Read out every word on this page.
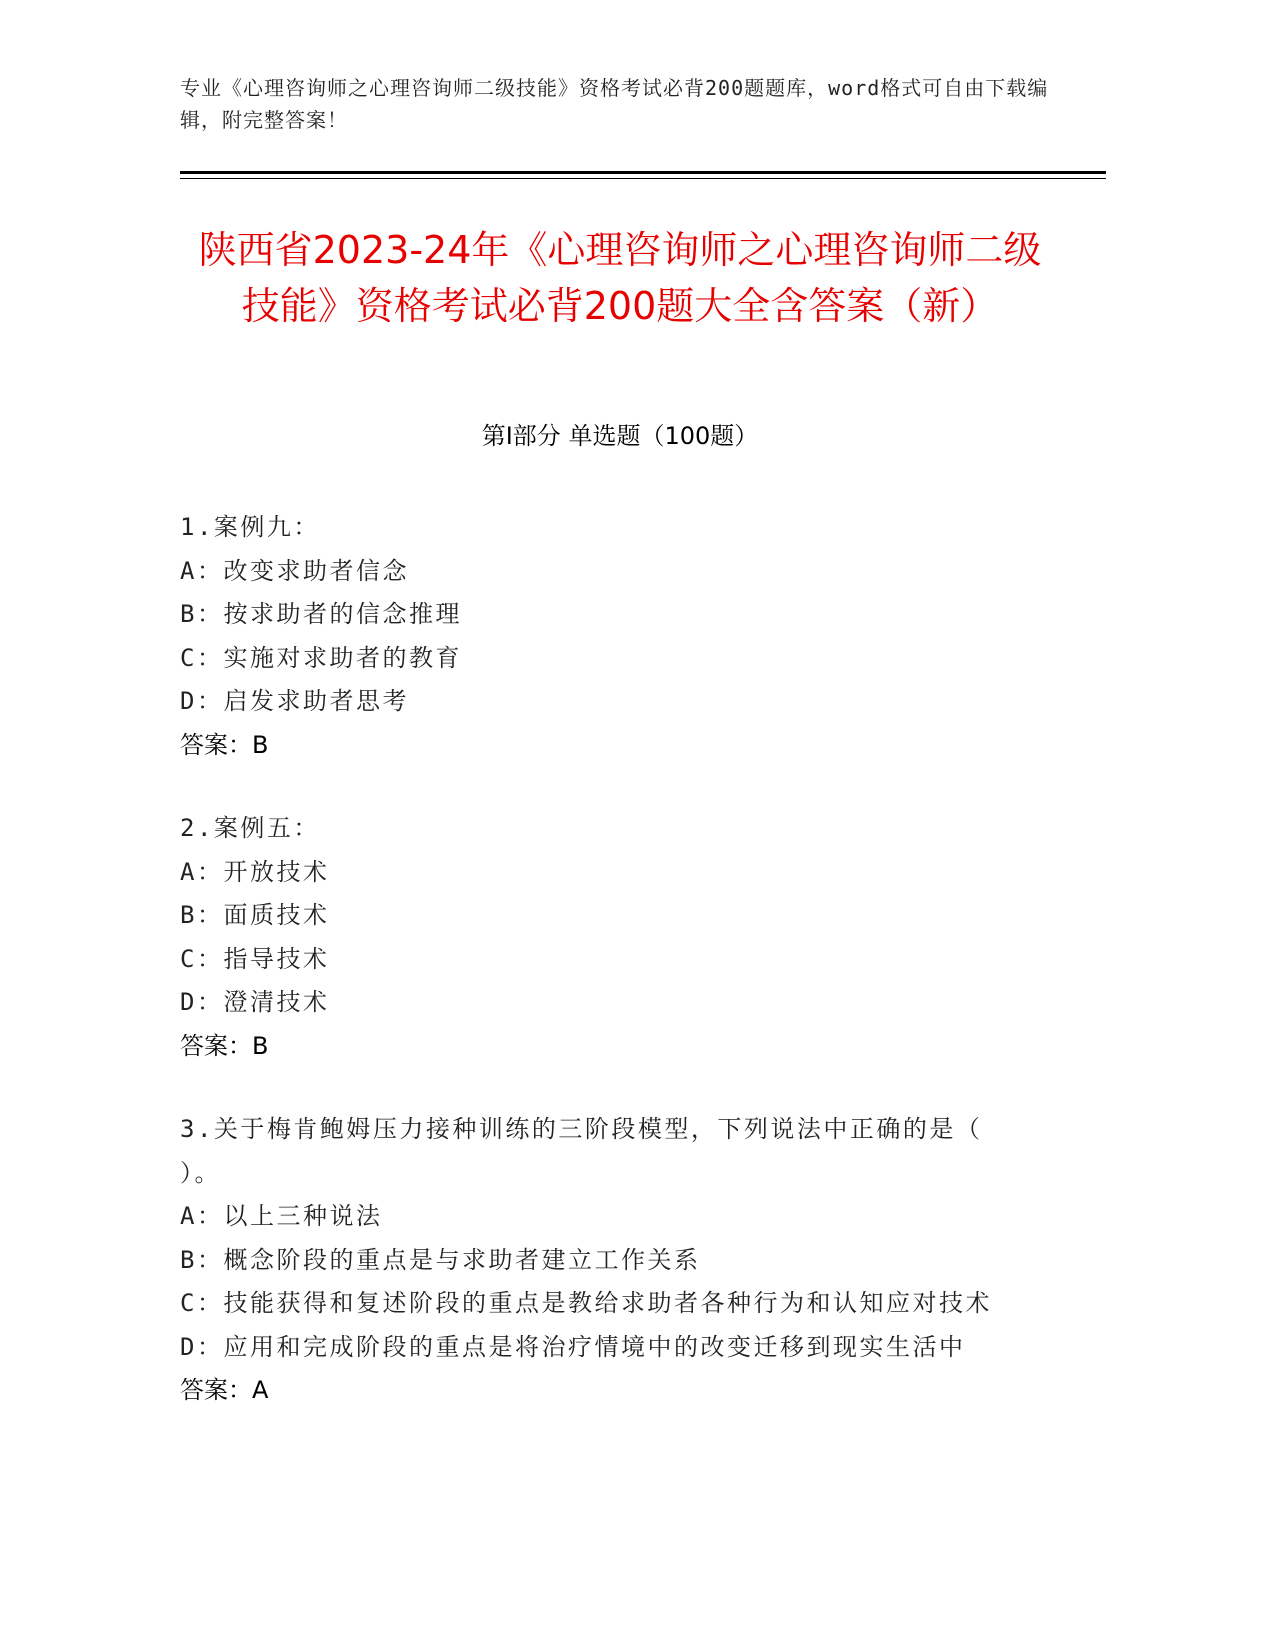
专业《心理咨询师之心理咨询师二级技能》资格考试必背200题题库，word格式可自由下载编辑，附完整答案！
陕西省2023-24年《心理咨询师之心理咨询师二级技能》资格考试必背200题大全含答案（新）
第Ⅰ部分 单选题（100题）
1.案例九：
A：改变求助者信念
B：按求助者的信念推理
C：实施对求助者的教育
D：启发求助者思考
答案：B
2.案例五：
A：开放技术
B：面质技术
C：指导技术
D：澄清技术
答案：B
3.关于梅肯鲍姆压力接种训练的三阶段模型，下列说法中正确的是（
）。
A：以上三种说法
B：概念阶段的重点是与求助者建立工作关系
C：技能获得和复述阶段的重点是教给求助者各种行为和认知应对技术
D：应用和完成阶段的重点是将治疗情境中的改变迁移到现实生活中
答案：A
